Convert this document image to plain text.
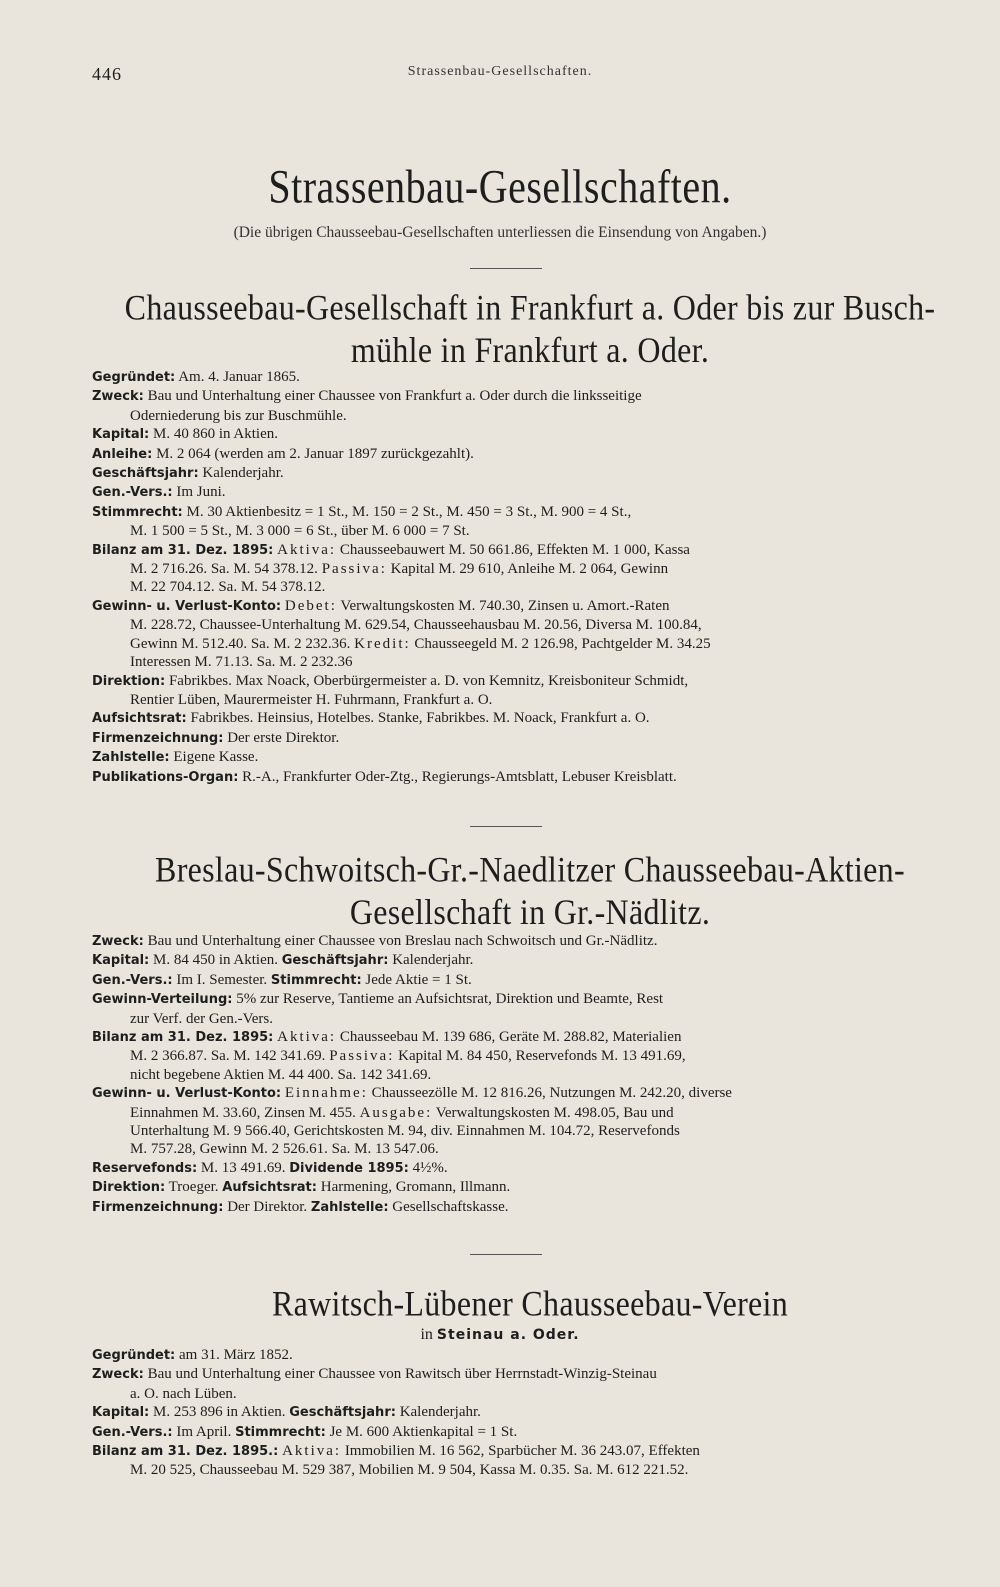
446	Strassenbau-Gesellschaften.
Strassenbau-Gesellschaften.
(Die übrigen Chausseebau-Gesellschaften unterliessen die Einsendung von Angaben.)
Chausseebau-Gesellschaft in Frankfurt a. Oder bis zur Busch-
mühle in Frankfurt a. Oder.
Gegründet: Am. 4. Januar 1865.
Zweck: Bau und Unterhaltung einer Chaussee von Frankfurt a. Oder durch die linksseitige
Oderniederung bis zur Buschmühle.
Kapital: M. 40 860 in Aktien.
Anleihe: M. 2 064 (werden am 2. Januar 1897 zurückgezahlt).
Geschäftsjahr: Kalenderjahr.
Gen.-Vers.: Im Juni.
Stimmrecht: M. 30 Aktienbesitz = 1 St., M. 150 = 2 St., M. 450 = 3 St., M. 900 = 4 St.,
M. 1 500 = 5 St., M. 3 000 = 6 St., über M. 6 000 = 7 St.
Bilanz am 31. Dez. 1895: Aktiva: Chausseebauwert M. 50 661.86, Effekten M. 1 000, Kassa
M. 2 716.26. Sa. M. 54 378.12. Passiva: Kapital M. 29 610, Anleihe M. 2 064, Gewinn
M. 22 704.12. Sa. M. 54 378.12.
Gewinn- u. Verlust-Konto: Debet: Verwaltungskosten M. 740.30, Zinsen u. Amort.-Raten
M. 228.72, Chaussee-Unterhaltung M. 629.54, Chausseehausbau M. 20.56, Diversa M. 100.84,
Gewinn M. 512.40. Sa. M. 2 232.36. Kredit: Chausseegeld M. 2 126.98, Pachtgelder M. 34.25
Interessen M. 71.13. Sa. M. 2 232.36
Direktion: Fabrikbes. Max Noack, Oberbürgermeister a. D. von Kemnitz, Kreisboniteur Schmidt,
Rentier Lüben, Maurermeister H. Fuhrmann, Frankfurt a. O.
Aufsichtsrat: Fabrikbes. Heinsius, Hotelbes. Stanke, Fabrikbes. M. Noack, Frankfurt a. O.
Firmenzeichnung: Der erste Direktor.
Zahlstelle: Eigene Kasse.
Publikations-Organ: R.-A., Frankfurter Oder-Ztg., Regierungs-Amtsblatt, Lebuser Kreisblatt.
Breslau-Schwoitsch-Gr.-Naedlitzer Chausseebau-Aktien-
Gesellschaft in Gr.-Nädlitz.
Zweck: Bau und Unterhaltung einer Chaussee von Breslau nach Schwoitsch und Gr.-Nädlitz.
Kapital: M. 84 450 in Aktien. Geschäftsjahr: Kalenderjahr.
Gen.-Vers.: Im I. Semester. Stimmrecht: Jede Aktie = 1 St.
Gewinn-Verteilung: 5% zur Reserve, Tantieme an Aufsichtsrat, Direktion und Beamte, Rest
zur Verf. der Gen.-Vers.
Bilanz am 31. Dez. 1895: Aktiva: Chausseebau M. 139 686, Geräte M. 288.82, Materialien
M. 2 366.87. Sa. M. 142 341.69. Passiva: Kapital M. 84 450, Reservefonds M. 13 491.69,
nicht begebene Aktien M. 44 400. Sa. 142 341.69.
Gewinn- u. Verlust-Konto: Einnahme: Chausseezölle M. 12 816.26, Nutzungen M. 242.20, diverse
Einnahmen M. 33.60, Zinsen M. 455. Ausgabe: Verwaltungskosten M. 498.05, Bau und
Unterhaltung M. 9 566.40, Gerichtskosten M. 94, div. Einnahmen M. 104.72, Reservefonds
M. 757.28, Gewinn M. 2 526.61. Sa. M. 13 547.06.
Reservefonds: M. 13 491.69. Dividende 1895: 4½%.
Direktion: Troeger. Aufsichtsrat: Harmening, Gromann, Illmann.
Firmenzeichnung: Der Direktor. Zahlstelle: Gesellschaftskasse.
Rawitsch-Lübener Chausseebau-Verein
in Steinau a. Oder.
Gegründet: am 31. März 1852.
Zweck: Bau und Unterhaltung einer Chaussee von Rawitsch über Herrnstadt-Winzig-Steinau
a. O. nach Lüben.
Kapital: M. 253 896 in Aktien. Geschäftsjahr: Kalenderjahr.
Gen.-Vers.: Im April. Stimmrecht: Je M. 600 Aktienkapital = 1 St.
Bilanz am 31. Dez. 1895.: Aktiva: Immobilien M. 16 562, Sparbücher M. 36 243.07, Effekten
M. 20 525, Chausseebau M. 529 387, Mobilien M. 9 504, Kassa M. 0.35. Sa. M. 612 221.52.
